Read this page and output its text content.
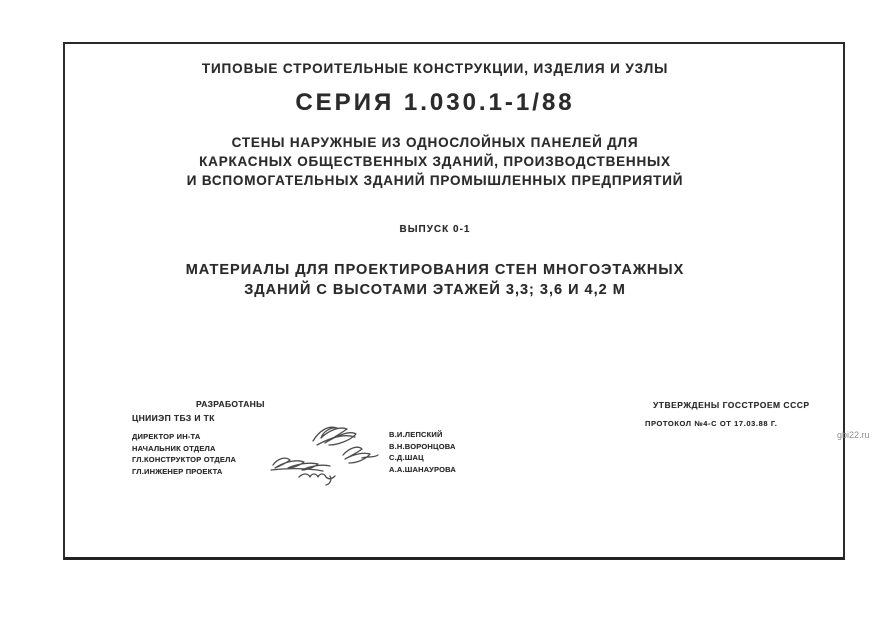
ТИПОВЫЕ СТРОИТЕЛЬНЫЕ КОНСТРУКЦИИ, ИЗДЕЛИЯ И УЗЛЫ
СЕРИЯ 1.030.1-1/88
СТЕНЫ НАРУЖНЫЕ ИЗ ОДНОСЛОЙНЫХ ПАНЕЛЕЙ ДЛЯ
КАРКАСНЫХ ОБЩЕСТВЕННЫХ ЗДАНИЙ, ПРОИЗВОДСТВЕННЫХ
И ВСПОМОГАТЕЛЬНЫХ ЗДАНИЙ ПРОМЫШЛЕННЫХ ПРЕДПРИЯТИЙ
ВЫПУСК 0-1
МАТЕРИАЛЫ ДЛЯ ПРОЕКТИРОВАНИЯ СТЕН МНОГОЭТАЖНЫХ
ЗДАНИЙ С ВЫСОТАМИ ЭТАЖЕЙ 3,3; 3,6 И 4,2 М
РАЗРАБОТАНЫ
ЦНИИЭП ТБЗ И ТК
ДИРЕКТОР ИН-ТА
НАЧАЛЬНИК ОТДЕЛА
ГЛ.КОНСТРУКТОР ОТДЕЛА
ГЛ.ИНЖЕНЕР ПРОЕКТА
В.И.ЛЕПСКИЙ
В.Н.ВОРОНЦОВА
С.Д.ШАЦ
А.А.ШАНАУРОВА
УТВЕРЖДЕНЫ ГОССТРОЕМ СССР
ПРОТОКОЛ №4-С ОТ 17.03.88 Г.
gbi22.ru
